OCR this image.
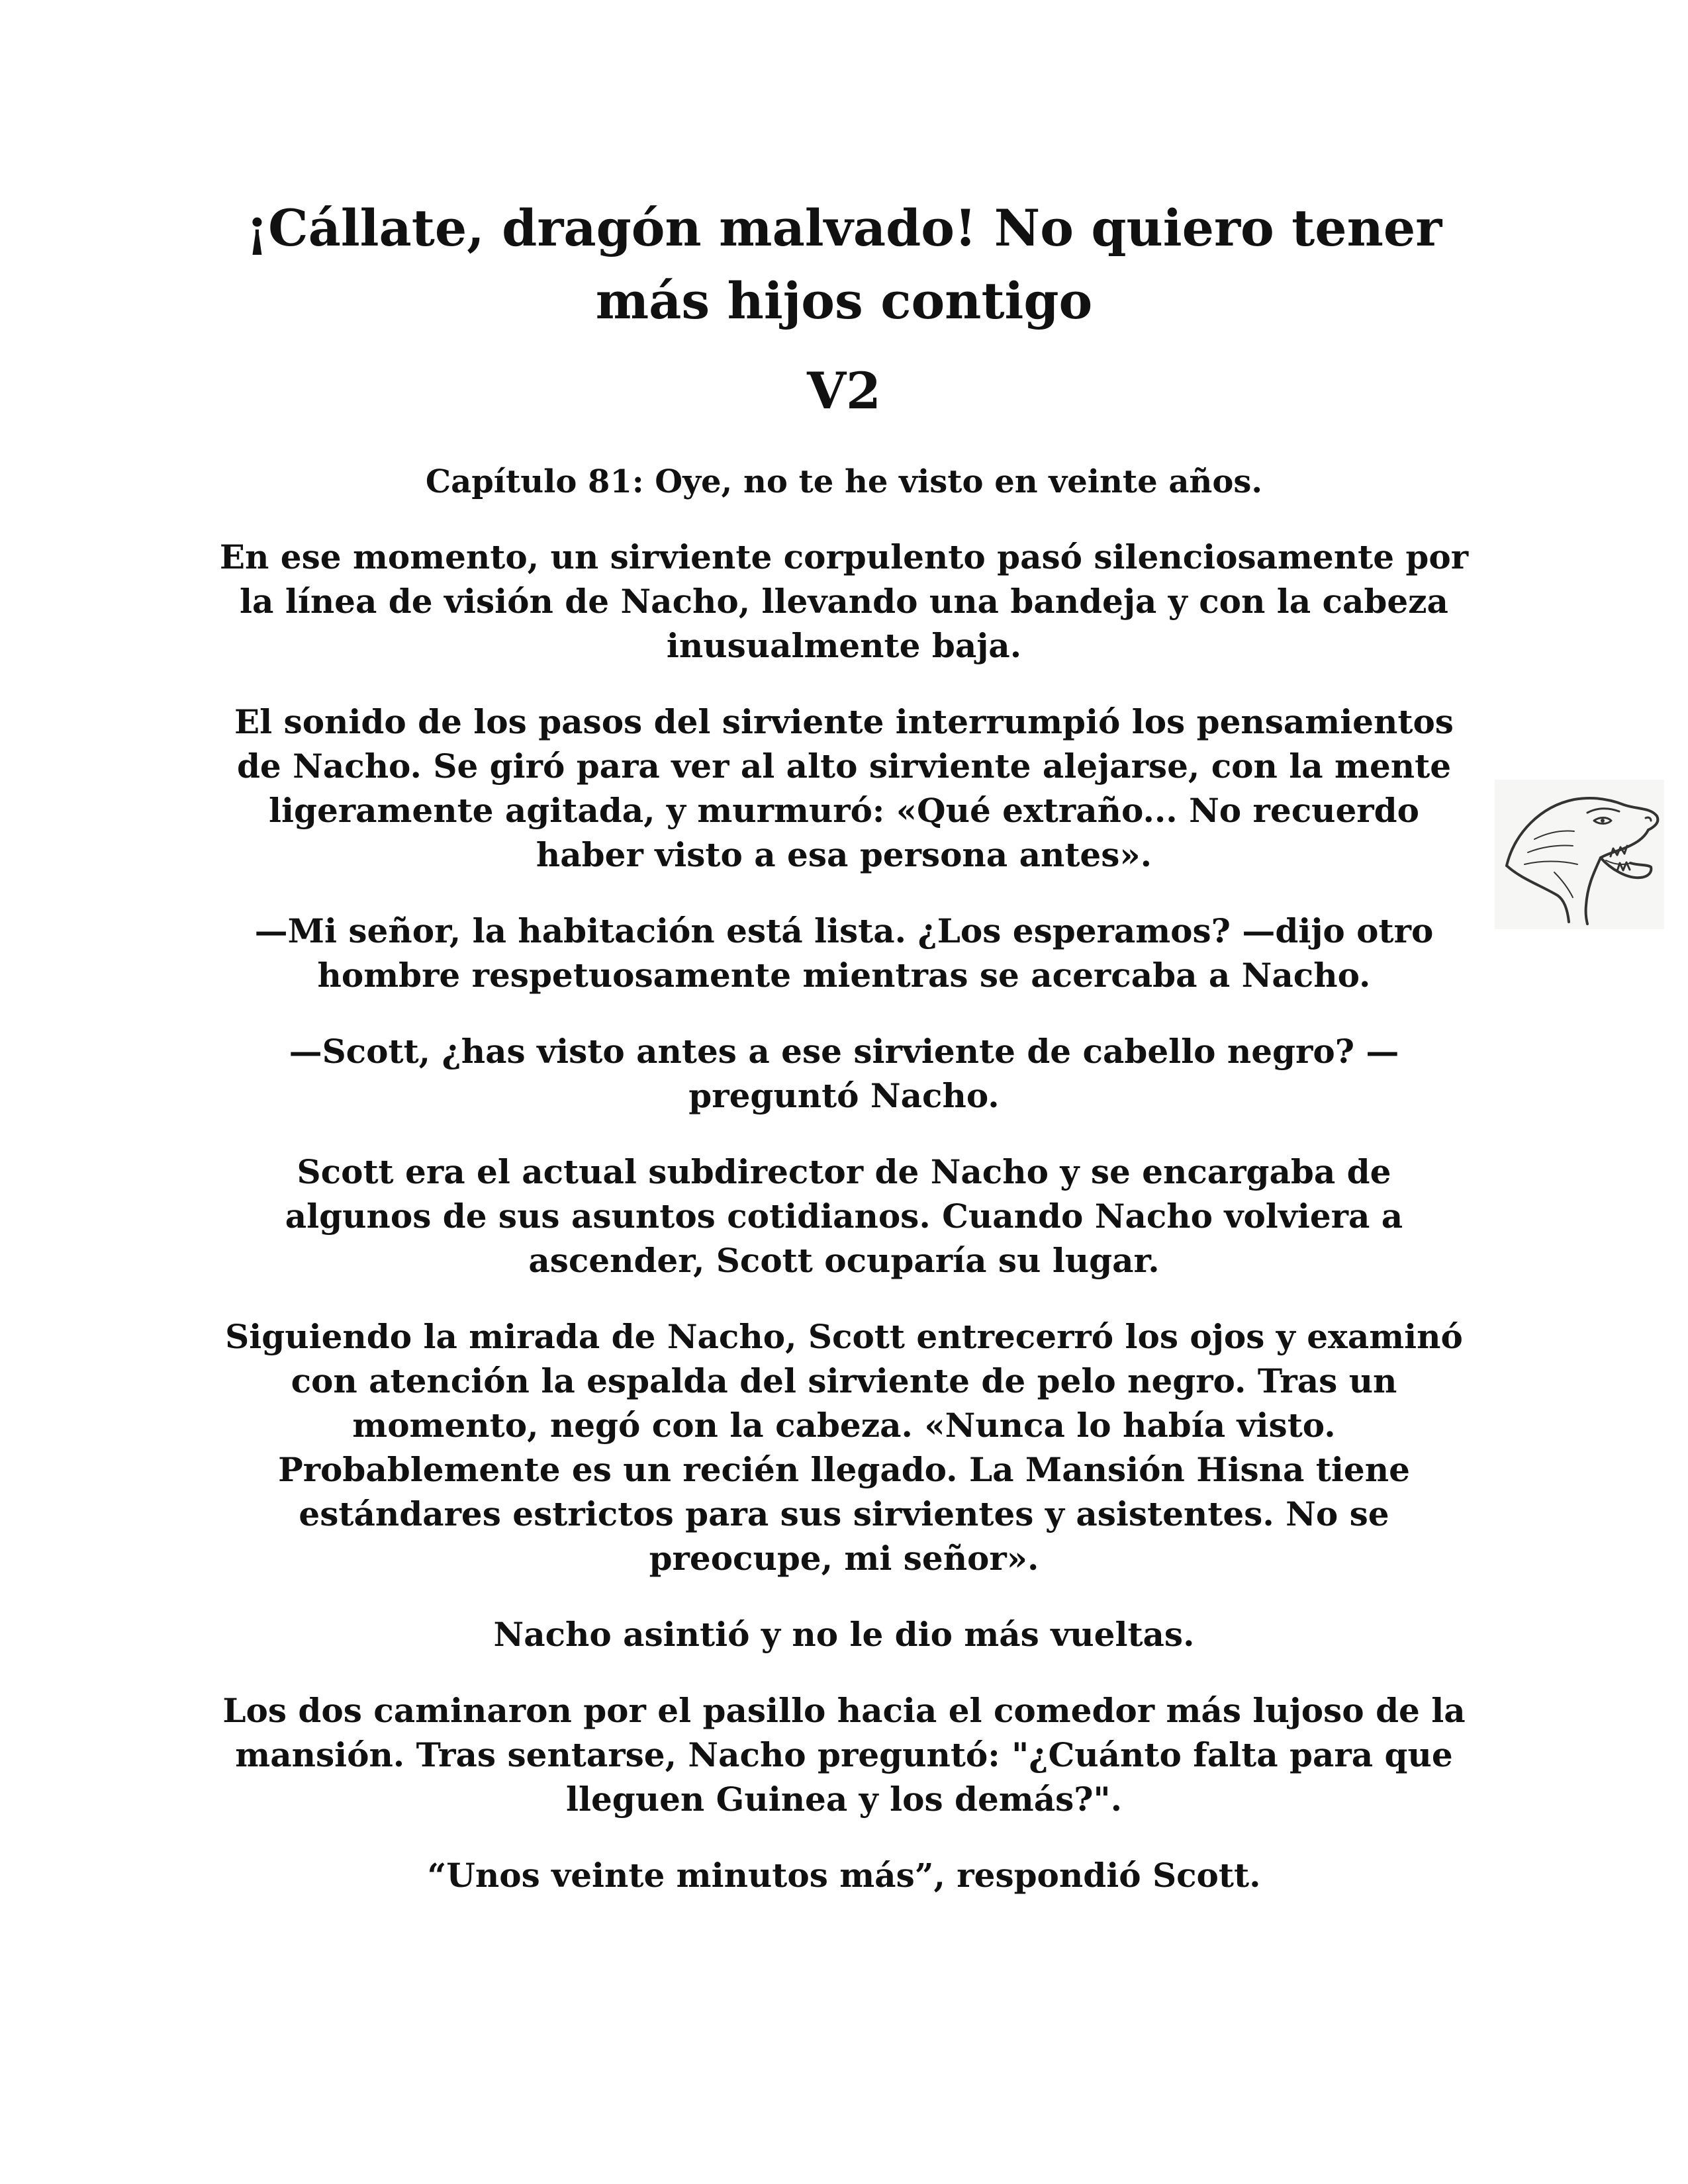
¡Cállate, dragón malvado! No quiero tener más hijos contigo
V2
Capítulo 81: Oye, no te he visto en veinte años.

En ese momento, un sirviente corpulento pasó silenciosamente por la línea de visión de Nacho, llevando una bandeja y con la cabeza inusualmente baja.

El sonido de los pasos del sirviente interrumpió los pensamientos de Nacho. Se giró para ver al alto sirviente alejarse, con la mente ligeramente agitada, y murmuró: «Qué extraño... No recuerdo haber visto a esa persona antes».

—Mi señor, la habitación está lista. ¿Los esperamos? —dijo otro hombre respetuosamente mientras se acercaba a Nacho.

—Scott, ¿has visto antes a ese sirviente de cabello negro? —preguntó Nacho.

Scott era el actual subdirector de Nacho y se encargaba de algunos de sus asuntos cotidianos. Cuando Nacho volviera a ascender, Scott ocuparía su lugar.

Siguiendo la mirada de Nacho, Scott entrecerró los ojos y examinó con atención la espalda del sirviente de pelo negro. Tras un momento, negó con la cabeza. «Nunca lo había visto. Probablemente es un recién llegado. La Mansión Hisna tiene estándares estrictos para sus sirvientes y asistentes. No se preocupe, mi señor».

Nacho asintió y no le dio más vueltas.

Los dos caminaron por el pasillo hacia el comedor más lujoso de la mansión. Tras sentarse, Nacho preguntó: "¿Cuánto falta para que lleguen Guinea y los demás?".

“Unos veinte minutos más”, respondió Scott.
